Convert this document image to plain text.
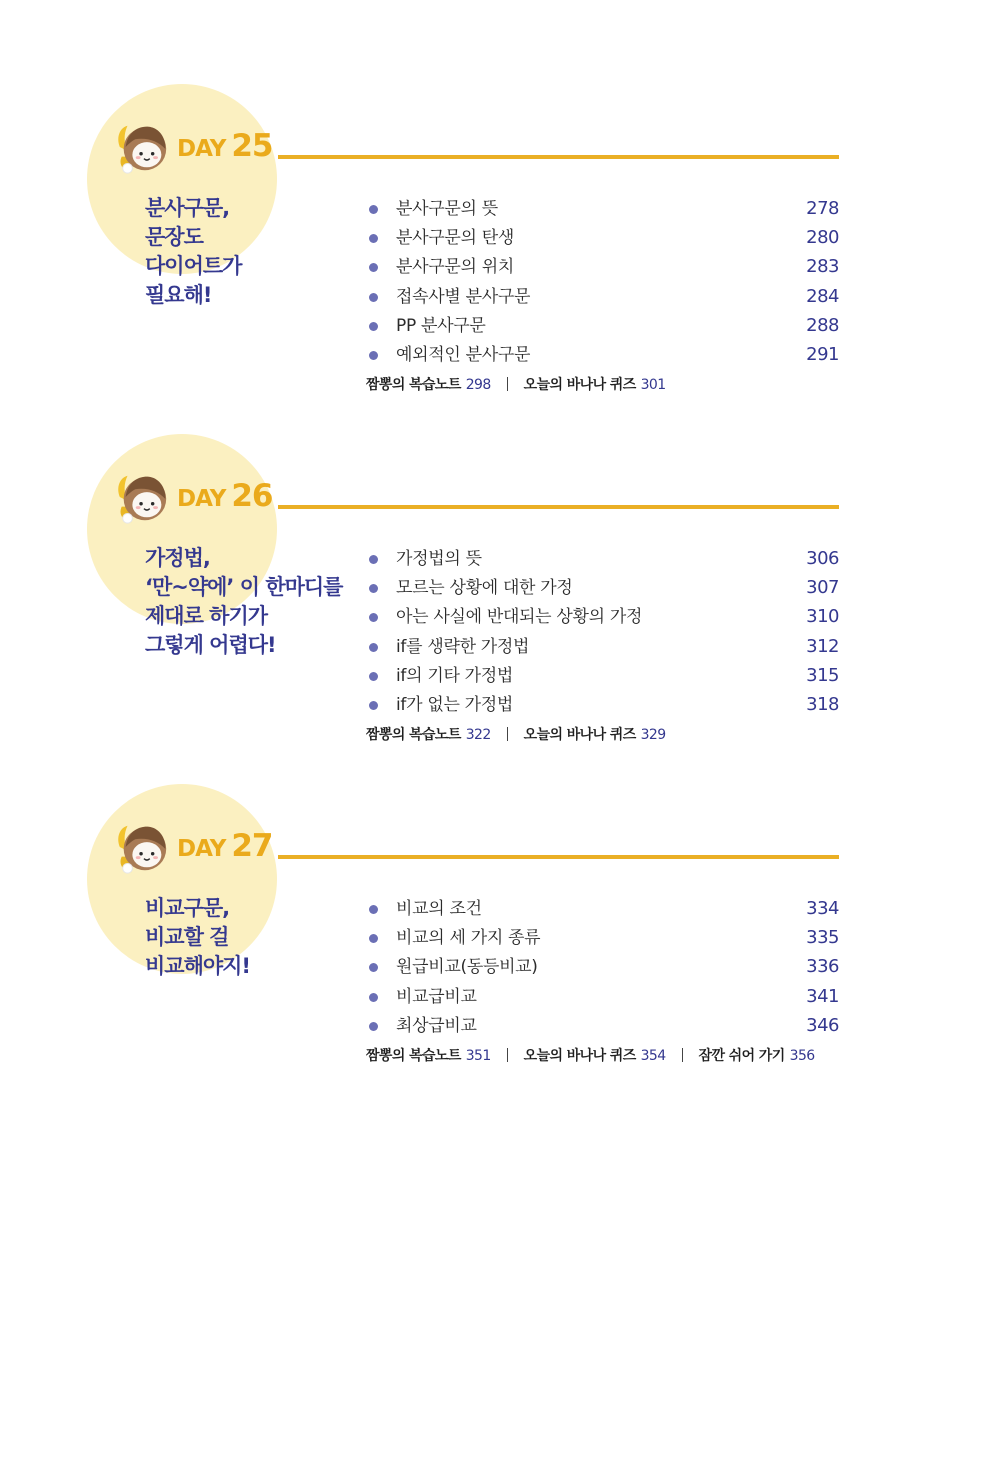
DAY 25
분사구문,
문장도
다이어트가
필요해!
분사구문의 뜻	278
분사구문의 탄생	280
분사구문의 위치	283
접속사별 분사구문	284
PP 분사구문	288
예외적인 분사구문	291
짬뽕의 복습노트 298 오늘의 바나나 퀴즈 301
DAY 26
가정법,
‘만~약에’ 이 한마디를
제대로 하기가
그렇게 어렵다!
가정법의 뜻	306
모르는 상황에 대한 가정	307
아는 사실에 반대되는 상황의 가정	310
if를 생략한 가정법	312
if의 기타 가정법	315
if가 없는 가정법	318
짬뽕의 복습노트 322 오늘의 바나나 퀴즈 329
DAY 27
비교구문,
비교할 걸
비교해야지!
비교의 조건	334
비교의 세 가지 종류	335
원급비교(동등비교)	336
비교급비교	341
최상급비교	346
짬뽕의 복습노트 351 오늘의 바나나 퀴즈 354 잠깐 쉬어 가기 356
